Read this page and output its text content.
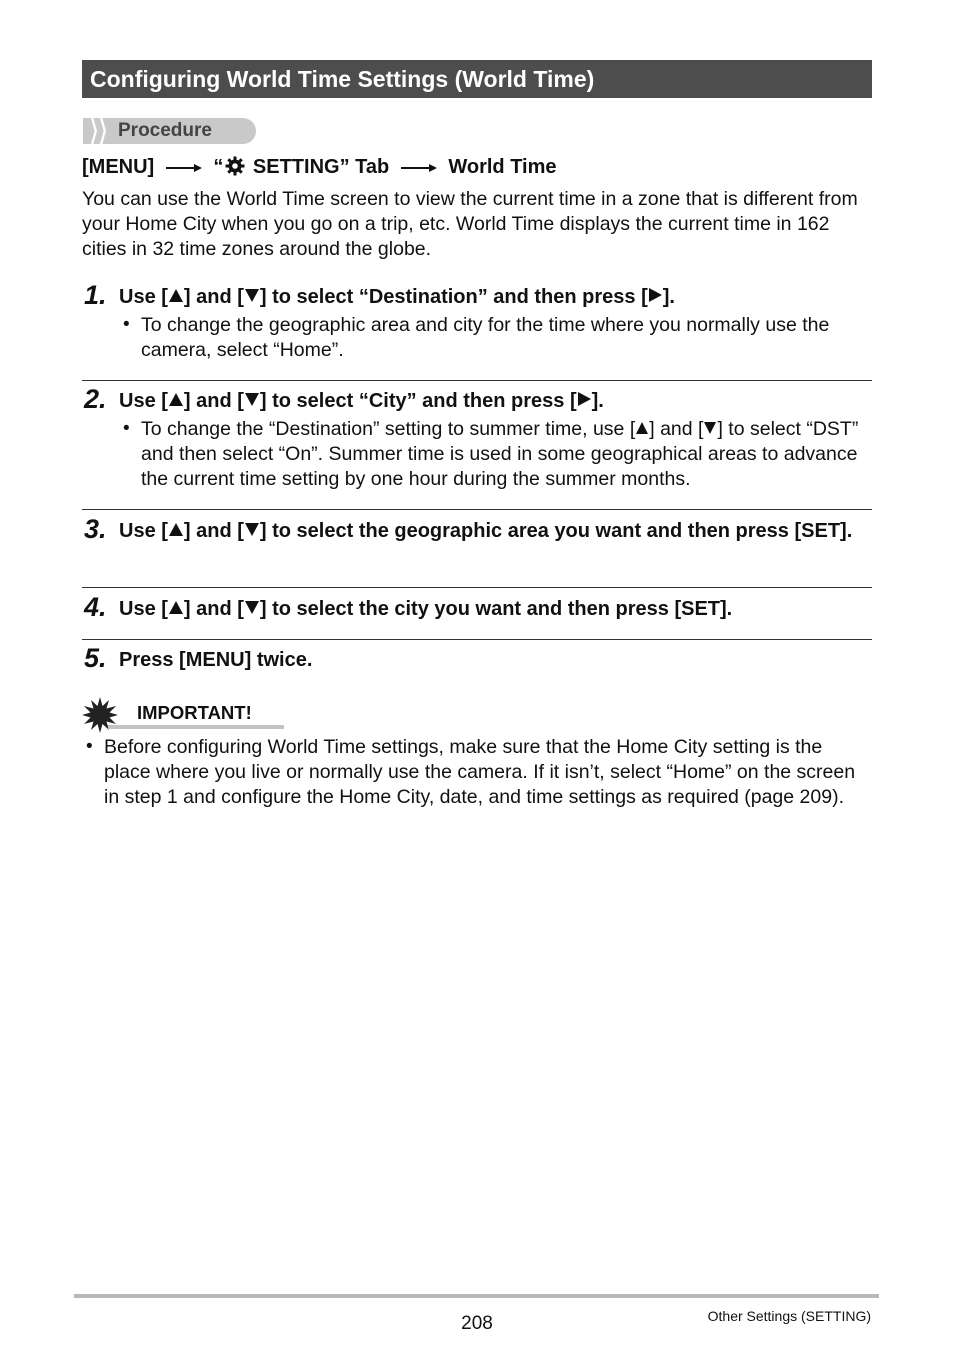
Configuring World Time Settings (World Time)
Procedure
[MENU]	“ SETTING” Tab	World Time
You can use the World Time screen to view the current time in a zone that is different from your Home City when you go on a trip, etc. World Time displays the current time in 162 cities in 32 time zones around the globe.
1. Use [ ] and [ ] to select “Destination” and then press [ ].
• To change the geographic area and city for the time where you normally use the camera, select “Home”.
2. Use [ ] and [ ] to select “City” and then press [ ].
• To change the “Destination” setting to summer time, use [ ] and [ ] to select “DST” and then select “On”. Summer time is used in some geographical areas to advance the current time setting by one hour during the summer months.
3. Use [ ] and [ ] to select the geographic area you want and then press [SET].
4. Use [ ] and [ ] to select the city you want and then press [SET].
5. Press [MENU] twice.
IMPORTANT!
• Before configuring World Time settings, make sure that the Home City setting is the place where you live or normally use the camera. If it isn’t, select “Home” on the screen in step 1 and configure the Home City, date, and time settings as required (page 209).
208	Other Settings (SETTING)
